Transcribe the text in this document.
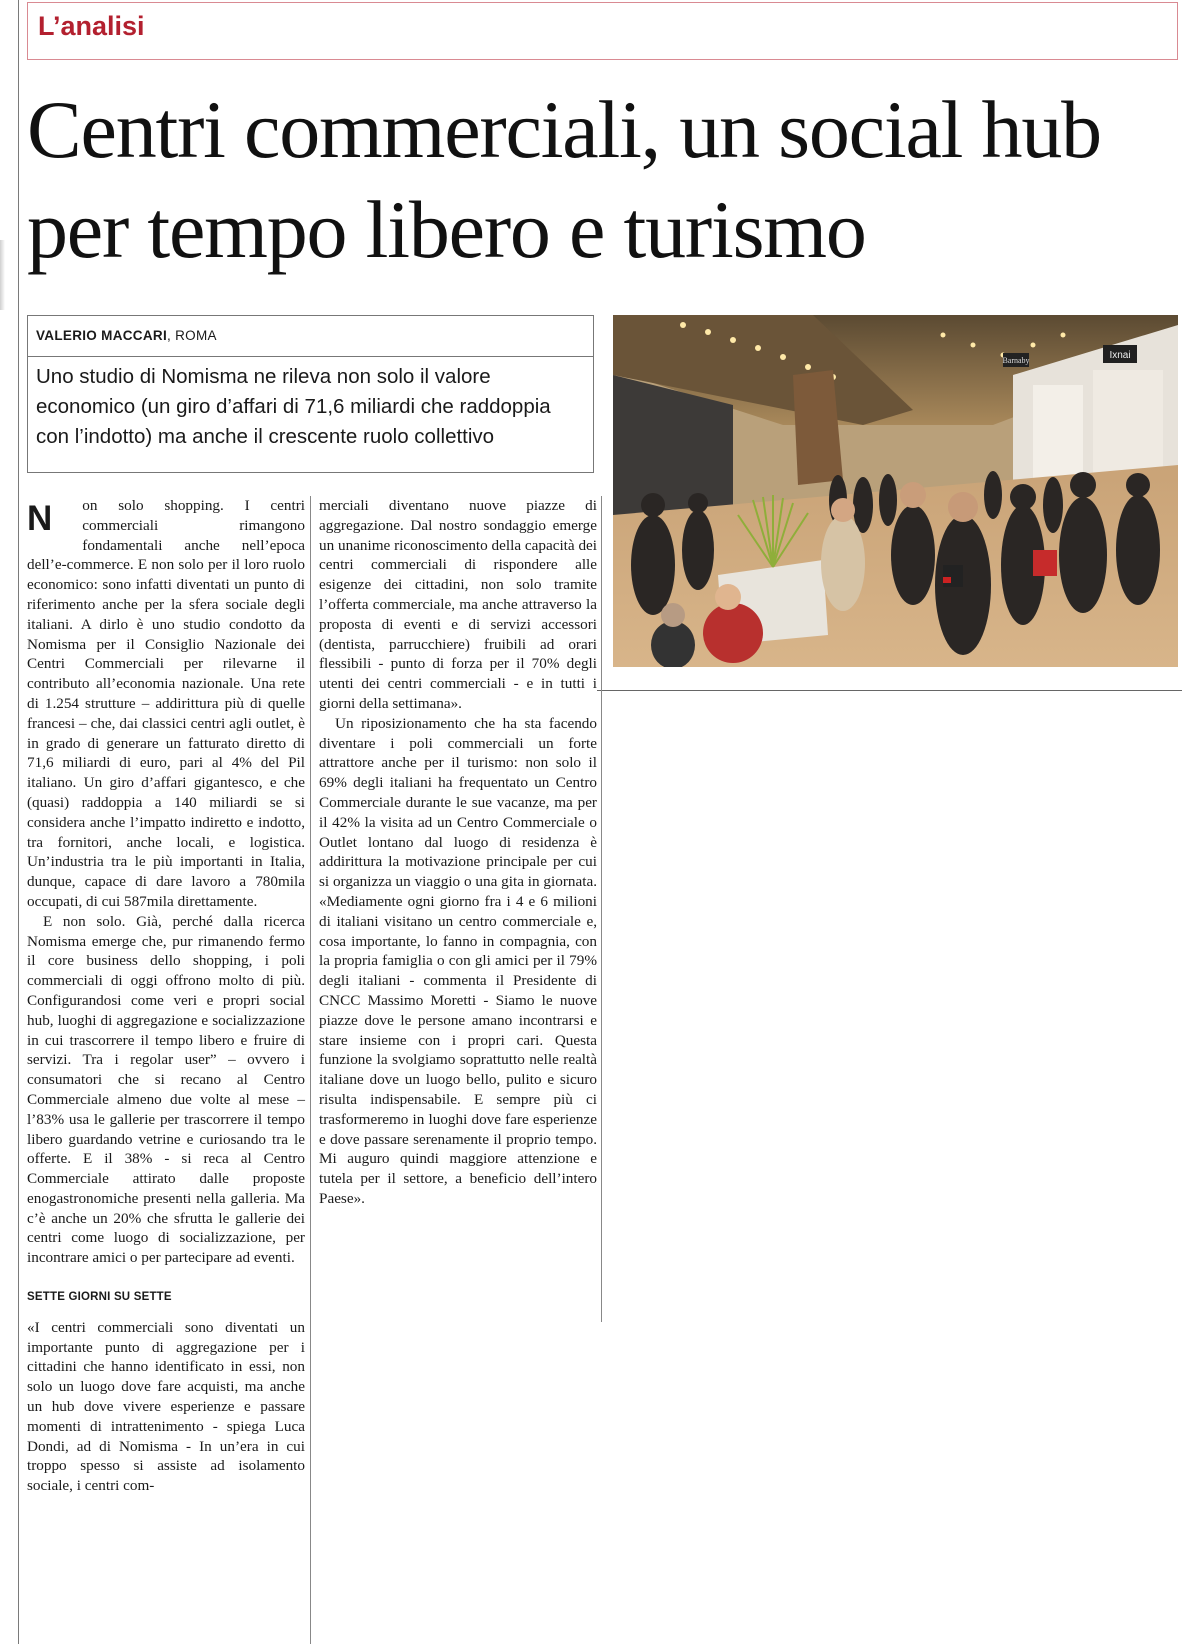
L’analisi
Centri commerciali, un social hub per tempo libero e turismo
VALERIO MACCARI, ROMA

Uno studio di Nomisma ne rileva non solo il valore economico (un giro d’affari di 71,6 miliardi che raddoppia con l’indotto) ma anche il crescente ruolo collettivo

Barnaby	Ixnai

N on solo shopping. I centri commerciali rimangono fondamentali anche nell’epoca dell’e-commerce. E non solo per il loro ruolo economico: sono infatti diventati un punto di riferimento anche per la sfera sociale degli italiani. A dirlo è uno studio condotto da Nomisma per il Consiglio Nazionale dei Centri Commerciali per rilevarne il contributo all’economia nazionale. Una rete di 1.254 strutture – addirittura più di quelle francesi – che, dai classici centri agli outlet, è in grado di generare un fatturato diretto di 71,6 miliardi di euro, pari al 4% del Pil italiano. Un giro d’affari gigantesco, e che (quasi) raddoppia a 140 miliardi se si considera anche l’impatto indiretto e indotto, tra fornitori, anche locali, e logistica. Un’industria tra le più importanti in Italia, dunque, capace di dare lavoro a 780mila occupati, di cui 587mila direttamente.

E non solo. Già, perché dalla ricerca Nomisma emerge che, pur rimanendo fermo il core business dello shopping, i poli commerciali di oggi offrono molto di più. Configurandosi come veri e propri social hub, luoghi di aggregazione e socializzazione in cui trascorrere il tempo libero e fruire di servizi. Tra i regolar user” – ovvero i consumatori che si recano al Centro Commerciale almeno due volte al mese – l’83% usa le gallerie per trascorrere il tempo libero guardando vetrine e curiosando tra le offerte. E il 38% - si reca al Centro Commerciale attirato dalle proposte enogastronomiche presenti nella galleria. Ma c’è anche un 20% che sfrutta le gallerie dei centri come luogo di socializzazione, per incontrare amici o per partecipare ad eventi.

SETTE GIORNI SU SETTE

«I centri commerciali sono diventati un importante punto di aggregazione per i cittadini che hanno identificato in essi, non solo un luogo dove fare acquisti, ma anche un hub dove vivere esperienze e passare momenti di intrattenimento - spiega Luca Dondi, ad di Nomisma - In un’era in cui troppo spesso si assiste ad isolamento sociale, i centri com-

merciali diventano nuove piazze di aggregazione. Dal nostro sondaggio emerge un unanime riconoscimento della capacità dei centri commerciali di rispondere alle esigenze dei cittadini, non solo tramite l’offerta commerciale, ma anche attraverso la proposta di eventi e di servizi accessori (dentista, parrucchiere) fruibili ad orari flessibili - punto di forza per il 70% degli utenti dei centri commerciali - e in tutti i giorni della settimana».

Un riposizionamento che ha sta facendo diventare i poli commerciali un forte attrattore anche per il turismo: non solo il 69% degli italiani ha frequentato un Centro Commerciale durante le sue vacanze, ma per il 42% la visita ad un Centro Commerciale o Outlet lontano dal luogo di residenza è addirittura la motivazione principale per cui si organizza un viaggio o una gita in giornata. «Mediamente ogni giorno fra i 4 e 6 milioni di italiani visitano un centro commerciale e, cosa importante, lo fanno in compagnia, con la propria famiglia o con gli amici per il 79% degli italiani - commenta il Presidente di CNCC Massimo Moretti - Siamo le nuove piazze dove le persone amano incontrarsi e stare insieme con i propri cari. Questa funzione la svolgiamo soprattutto nelle realtà italiane dove un luogo bello, pulito e sicuro risulta indispensabile. E sempre più ci trasformeremo in luoghi dove fare esperienze e dove passare serenamente il proprio tempo. Mi auguro quindi maggiore attenzione e tutela per il settore, a beneficio dell’intero Paese».
